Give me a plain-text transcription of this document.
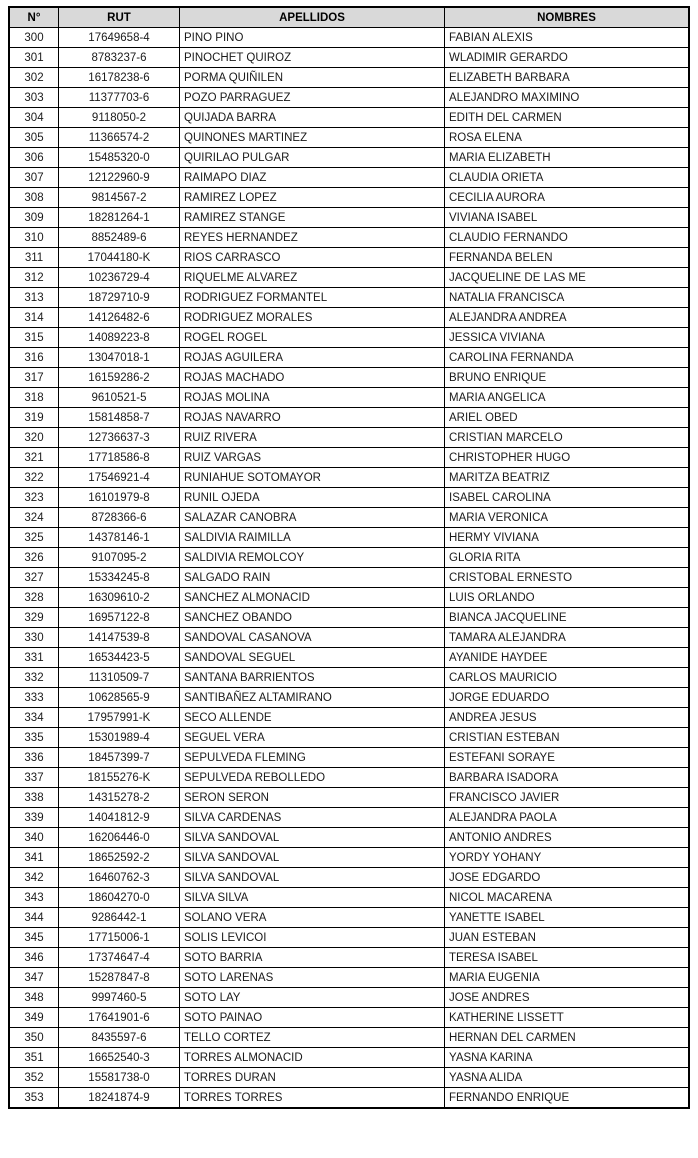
N°	RUT	APELLIDOS	NOMBRES
300	17649658-4	PINO PINO	FABIAN ALEXIS
301	8783237-6	PINOCHET QUIROZ	WLADIMIR GERARDO
302	16178238-6	PORMA QUIÑILEN	ELIZABETH BARBARA
303	11377703-6	POZO PARRAGUEZ	ALEJANDRO MAXIMINO
304	9118050-2	QUIJADA BARRA	EDITH DEL CARMEN
305	11366574-2	QUINONES MARTINEZ	ROSA ELENA
306	15485320-0	QUIRILAO PULGAR	MARIA ELIZABETH
307	12122960-9	RAIMAPO DIAZ	CLAUDIA ORIETA
308	9814567-2	RAMIREZ LOPEZ	CECILIA AURORA
309	18281264-1	RAMIREZ STANGE	VIVIANA ISABEL
310	8852489-6	REYES HERNANDEZ	CLAUDIO FERNANDO
311	17044180-K	RIOS CARRASCO	FERNANDA BELEN
312	10236729-4	RIQUELME ALVAREZ	JACQUELINE DE LAS ME
313	18729710-9	RODRIGUEZ FORMANTEL	NATALIA FRANCISCA
314	14126482-6	RODRIGUEZ MORALES	ALEJANDRA ANDREA
315	14089223-8	ROGEL ROGEL	JESSICA VIVIANA
316	13047018-1	ROJAS AGUILERA	CAROLINA FERNANDA
317	16159286-2	ROJAS MACHADO	BRUNO ENRIQUE
318	9610521-5	ROJAS MOLINA	MARIA ANGELICA
319	15814858-7	ROJAS NAVARRO	ARIEL OBED
320	12736637-3	RUIZ RIVERA	CRISTIAN MARCELO
321	17718586-8	RUIZ VARGAS	CHRISTOPHER HUGO
322	17546921-4	RUNIAHUE SOTOMAYOR	MARITZA BEATRIZ
323	16101979-8	RUNIL OJEDA	ISABEL CAROLINA
324	8728366-6	SALAZAR CANOBRA	MARIA VERONICA
325	14378146-1	SALDIVIA RAIMILLA	HERMY VIVIANA
326	9107095-2	SALDIVIA REMOLCOY	GLORIA RITA
327	15334245-8	SALGADO RAIN	CRISTOBAL ERNESTO
328	16309610-2	SANCHEZ ALMONACID	LUIS ORLANDO
329	16957122-8	SANCHEZ OBANDO	BIANCA JACQUELINE
330	14147539-8	SANDOVAL CASANOVA	TAMARA ALEJANDRA
331	16534423-5	SANDOVAL SEGUEL	AYANIDE HAYDEE
332	11310509-7	SANTANA BARRIENTOS	CARLOS MAURICIO
333	10628565-9	SANTIBAÑEZ ALTAMIRANO	JORGE EDUARDO
334	17957991-K	SECO ALLENDE	ANDREA JESUS
335	15301989-4	SEGUEL VERA	CRISTIAN ESTEBAN
336	18457399-7	SEPULVEDA FLEMING	ESTEFANI SORAYE
337	18155276-K	SEPULVEDA REBOLLEDO	BARBARA ISADORA
338	14315278-2	SERON SERON	FRANCISCO JAVIER
339	14041812-9	SILVA CARDENAS	ALEJANDRA PAOLA
340	16206446-0	SILVA SANDOVAL	ANTONIO ANDRES
341	18652592-2	SILVA SANDOVAL	YORDY YOHANY
342	16460762-3	SILVA SANDOVAL	JOSE EDGARDO
343	18604270-0	SILVA SILVA	NICOL MACARENA
344	9286442-1	SOLANO VERA	YANETTE ISABEL
345	17715006-1	SOLIS LEVICOI	JUAN ESTEBAN
346	17374647-4	SOTO BARRIA	TERESA ISABEL
347	15287847-8	SOTO LARENAS	MARIA EUGENIA
348	9997460-5	SOTO LAY	JOSE ANDRES
349	17641901-6	SOTO PAINAO	KATHERINE LISSETT
350	8435597-6	TELLO CORTEZ	HERNAN DEL CARMEN
351	16652540-3	TORRES ALMONACID	YASNA KARINA
352	15581738-0	TORRES DURAN	YASNA ALIDA
353	18241874-9	TORRES TORRES	FERNANDO ENRIQUE
